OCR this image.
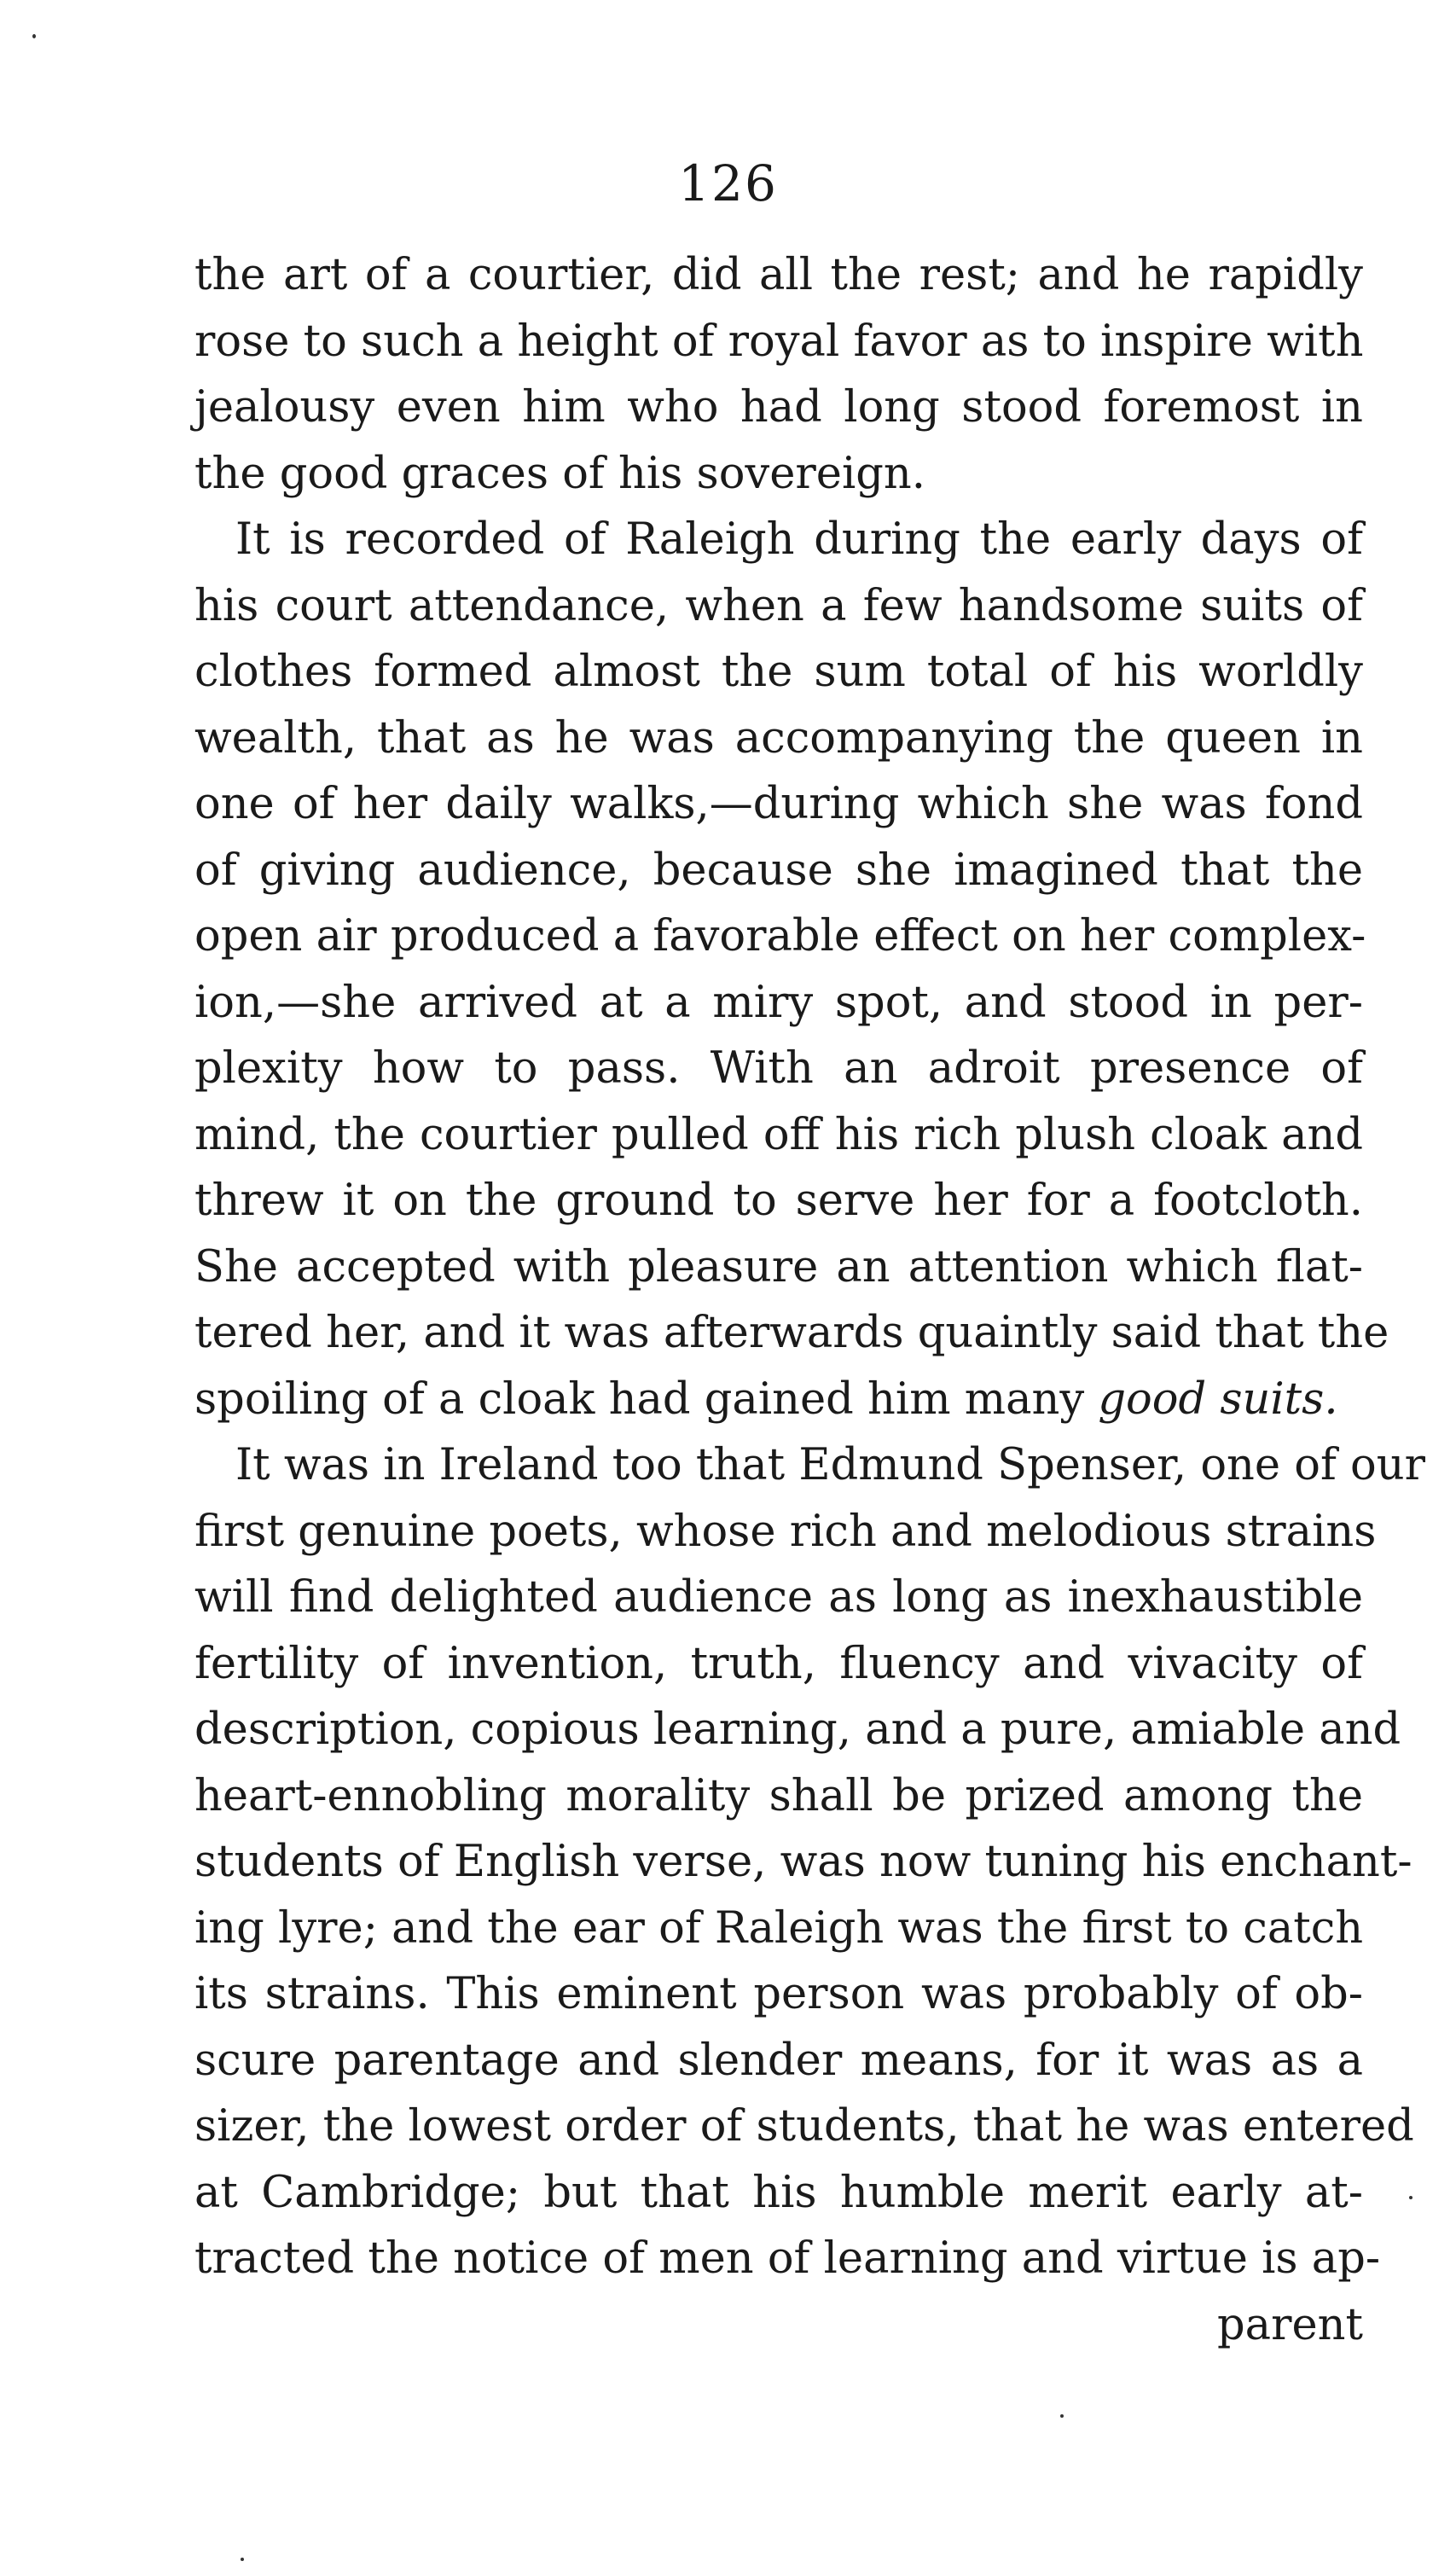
126
the art of a courtier, did all the rest; and he rapidly
rose to such a height of royal favor as to inspire with
jealousy even him who had long stood foremost in
the good graces of his sovereign.
It is recorded of Raleigh during the early days of
his court attendance, when a few handsome suits of
clothes formed almost the sum total of his worldly
wealth, that as he was accompanying the queen in
one of her daily walks,—during which she was fond
of giving audience, because she imagined that the
open air produced a favorable effect on her complex-
ion,—she arrived at a miry spot, and stood in per-
plexity how to pass. With an adroit presence of
mind, the courtier pulled off his rich plush cloak and
threw it on the ground to serve her for a footcloth.
She accepted with pleasure an attention which flat-
tered her, and it was afterwards quaintly said that the
spoiling of a cloak had gained him many good suits.
It was in Ireland too that Edmund Spenser, one of our
first genuine poets, whose rich and melodious strains
will find delighted audience as long as inexhaustible
fertility of invention, truth, fluency and vivacity of
description, copious learning, and a pure, amiable and
heart-ennobling morality shall be prized among the
students of English verse, was now tuning his enchant-
ing lyre; and the ear of Raleigh was the first to catch
its strains. This eminent person was probably of ob-
scure parentage and slender means, for it was as a
sizer, the lowest order of students, that he was entered
at Cambridge; but that his humble merit early at-
tracted the notice of men of learning and virtue is ap-
parent
